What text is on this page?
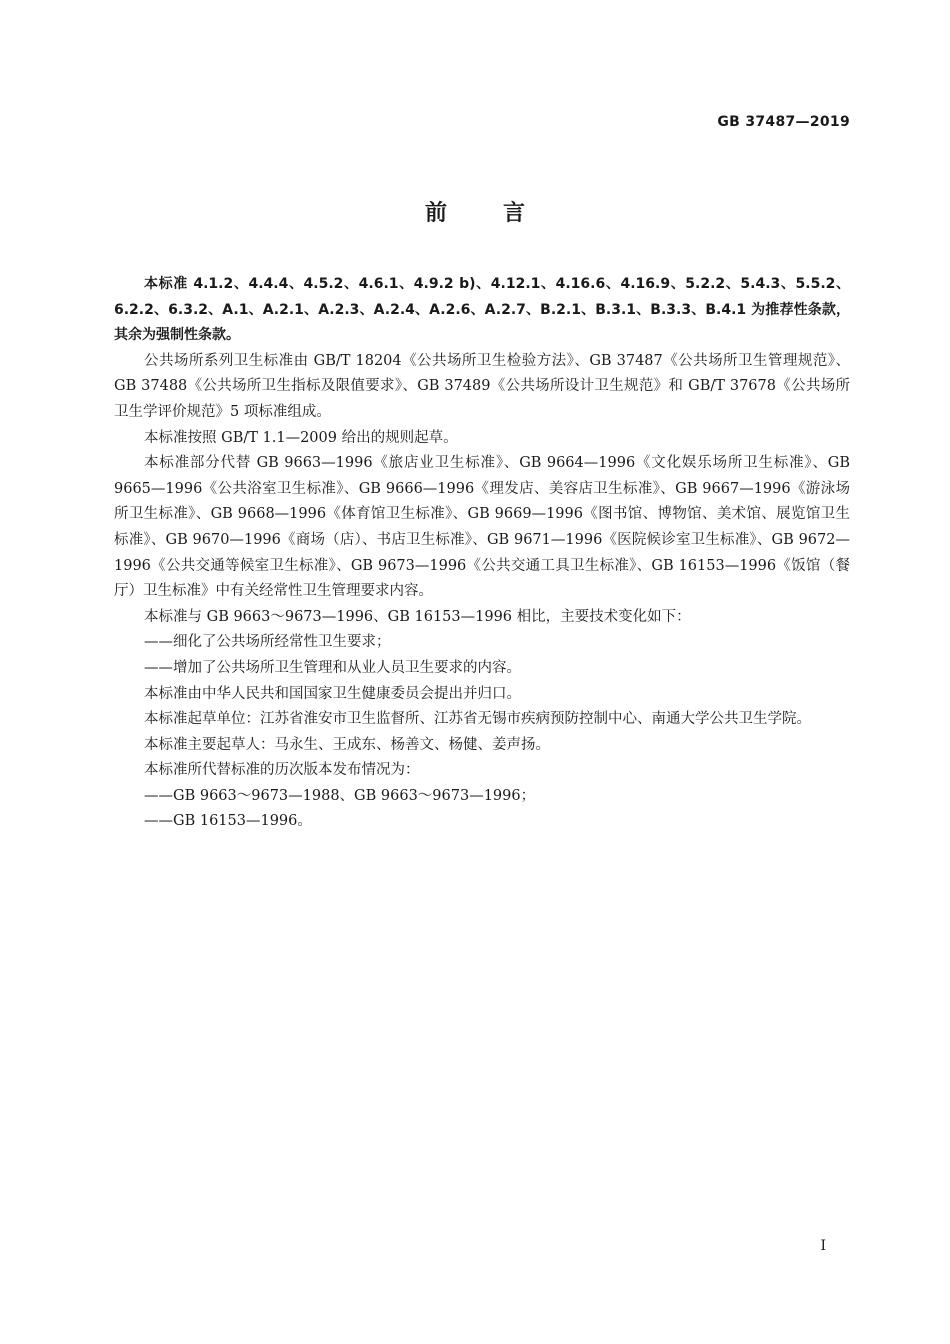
GB 37487—2019
前言

本标准 4.1.2、4.4.4、4.5.2、4.6.1、4.9.2 b)、4.12.1、4.16.6、4.16.9、5.2.2、5.4.3、5.5.2、6.2.2、6.3.2、A.1、A.2.1、A.2.3、A.2.4、A.2.6、A.2.7、B.2.1、B.3.1、B.3.3、B.4.1 为推荐性条款，其余为强制性条款。

公共场所系列卫生标准由 GB/T 18204《公共场所卫生检验方法》、GB 37487《公共场所卫生管理规范》、GB 37488《公共场所卫生指标及限值要求》、GB 37489《公共场所设计卫生规范》和 GB/T 37678《公共场所卫生学评价规范》5 项标准组成。

本标准按照 GB/T 1.1—2009 给出的规则起草。

本标准部分代替 GB 9663—1996《旅店业卫生标准》、GB 9664—1996《文化娱乐场所卫生标准》、GB 9665—1996《公共浴室卫生标准》、GB 9666—1996《理发店、美容店卫生标准》、GB 9667—1996《游泳场所卫生标准》、GB 9668—1996《体育馆卫生标准》、GB 9669—1996《图书馆、博物馆、美术馆、展览馆卫生标准》、GB 9670—1996《商场（店）、书店卫生标准》、GB 9671—1996《医院候诊室卫生标准》、GB 9672—1996《公共交通等候室卫生标准》、GB 9673—1996《公共交通工具卫生标准》、GB 16153—1996《饭馆（餐厅）卫生标准》中有关经常性卫生管理要求内容。

本标准与 GB 9663～9673—1996、GB 16153—1996 相比，主要技术变化如下：

——细化了公共场所经常性卫生要求；

——增加了公共场所卫生管理和从业人员卫生要求的内容。

本标准由中华人民共和国国家卫生健康委员会提出并归口。

本标准起草单位：江苏省淮安市卫生监督所、江苏省无锡市疾病预防控制中心、南通大学公共卫生学院。

本标准主要起草人：马永生、王成东、杨善文、杨健、姜声扬。

本标准所代替标准的历次版本发布情况为：

——GB 9663～9673—1988、GB 9663～9673—1996；

——GB 16153—1996。

I
